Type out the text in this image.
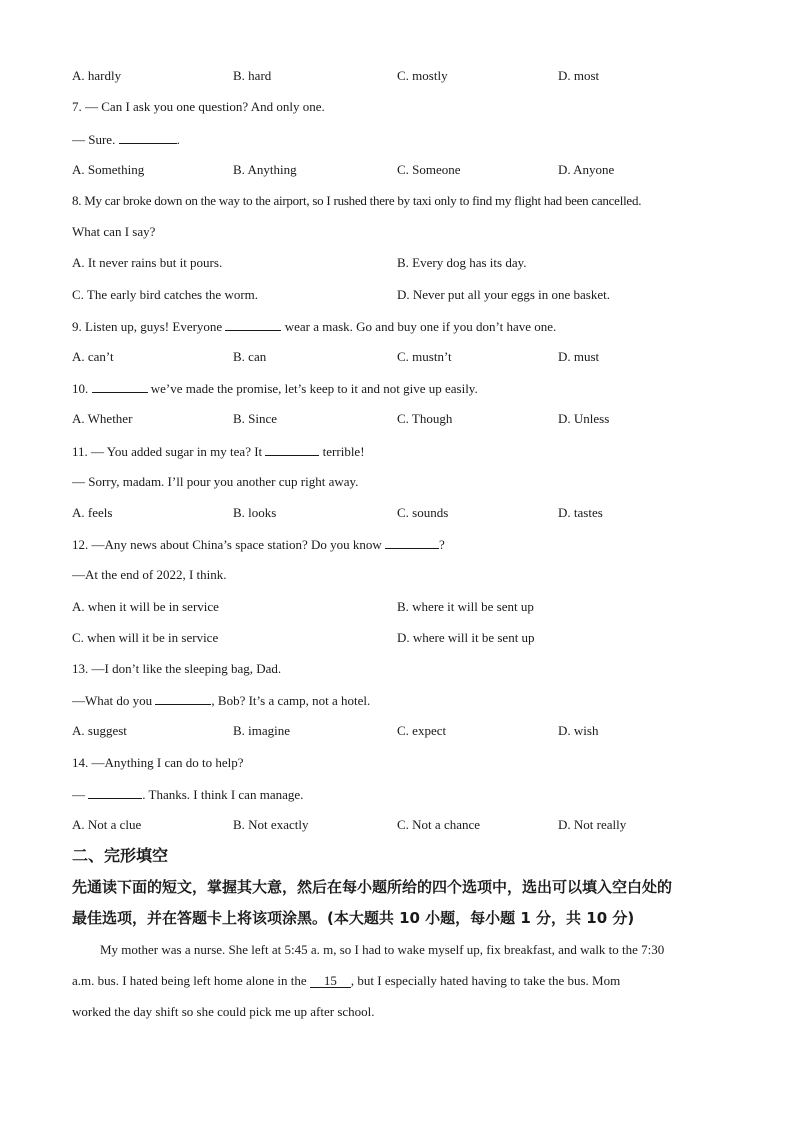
A. hardly	B. hard	C. mostly	D. most
7. — Can I ask you one question? And only one.
— Sure.	.
A. Something	B. Anything	C. Someone	D. Anyone
8. My car broke down on the way to the airport, so I rushed there by taxi only to find my flight had been cancelled.
What can I say?
A. It never rains but it pours.	B. Every dog has its day.
C. The early bird catches the worm.	D. Never put all your eggs in one basket.
9. Listen up, guys! Everyone	wear a mask. Go and buy one if you don’t have one.
A. can’t	B. can	C. mustn’t	D. must
10.	we’ve made the promise, let’s keep to it and not give up easily.
A. Whether	B. Since	C. Though	D. Unless
11. — You added sugar in my tea? It	terrible!
— Sorry, madam. I’ll pour you another cup right away.
A. feels	B. looks	C. sounds	D. tastes
12. —Any news about China’s space station? Do you know	?
—At the end of 2022, I think.
A. when it will be in service	B. where it will be sent up
C. when will it be in service	D. where will it be sent up
13. —I don’t like the sleeping bag, Dad.
—What do you	, Bob? It’s a camp, not a hotel.
A. suggest	B. imagine	C. expect	D. wish
14. —Anything I can do to help?
—	. Thanks. I think I can manage.
A. Not a clue	B. Not exactly	C. Not a chance	D. Not really
二、完形填空
先通读下面的短文，掌握其大意，然后在每小题所给的四个选项中，选出可以填入空白处的
最佳选项，并在答题卡上将该项涂黑。(本大题共 10 小题，每小题 1 分，共 10 分)
My mother was a nurse. She left at 5:45 a. m, so I had to wake myself up, fix breakfast, and walk to the 7:30
a.m. bus. I hated being left home alone in the 15 , but I especially hated having to take the bus. Mom
worked the day shift so she could pick me up after school.
